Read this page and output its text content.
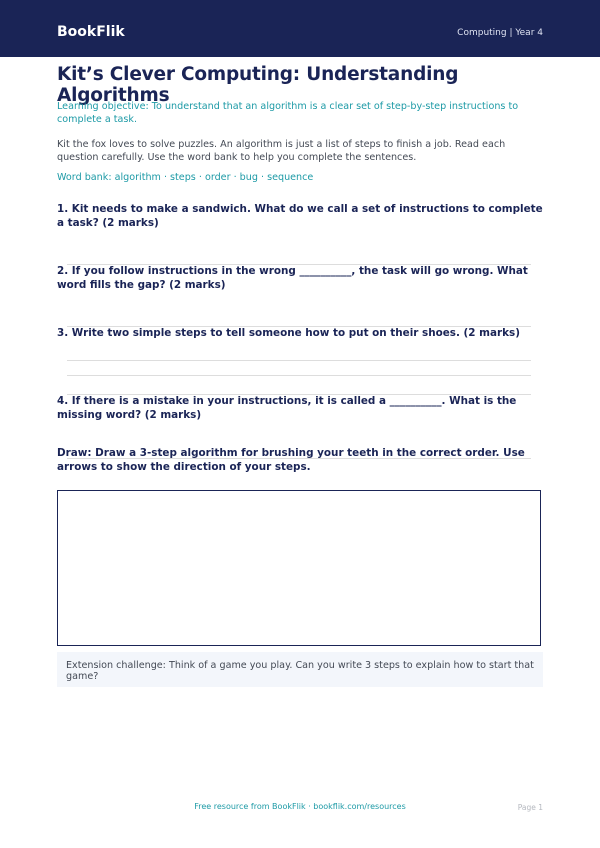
BookFlik	Computing | Year 4
Kit’s Clever Computing: Understanding Algorithms
Learning objective: To understand that an algorithm is a clear set of step-by-step instructions to complete a task.
Kit the fox loves to solve puzzles. An algorithm is just a list of steps to finish a job. Read each question carefully. Use the word bank to help you complete the sentences.
Word bank: algorithm · steps · order · bug · sequence
1. Kit needs to make a sandwich. What do we call a set of instructions to complete a task? (2 marks)
2. If you follow instructions in the wrong __________, the task will go wrong. What word fills the gap? (2 marks)
3. Write two simple steps to tell someone how to put on their shoes. (2 marks)
4. If there is a mistake in your instructions, it is called a __________. What is the missing word? (2 marks)
Draw: Draw a 3-step algorithm for brushing your teeth in the correct order. Use arrows to show the direction of your steps.
Extension challenge: Think of a game you play. Can you write 3 steps to explain how to start that game?
Free resource from BookFlik · bookflik.com/resources	Page 1
